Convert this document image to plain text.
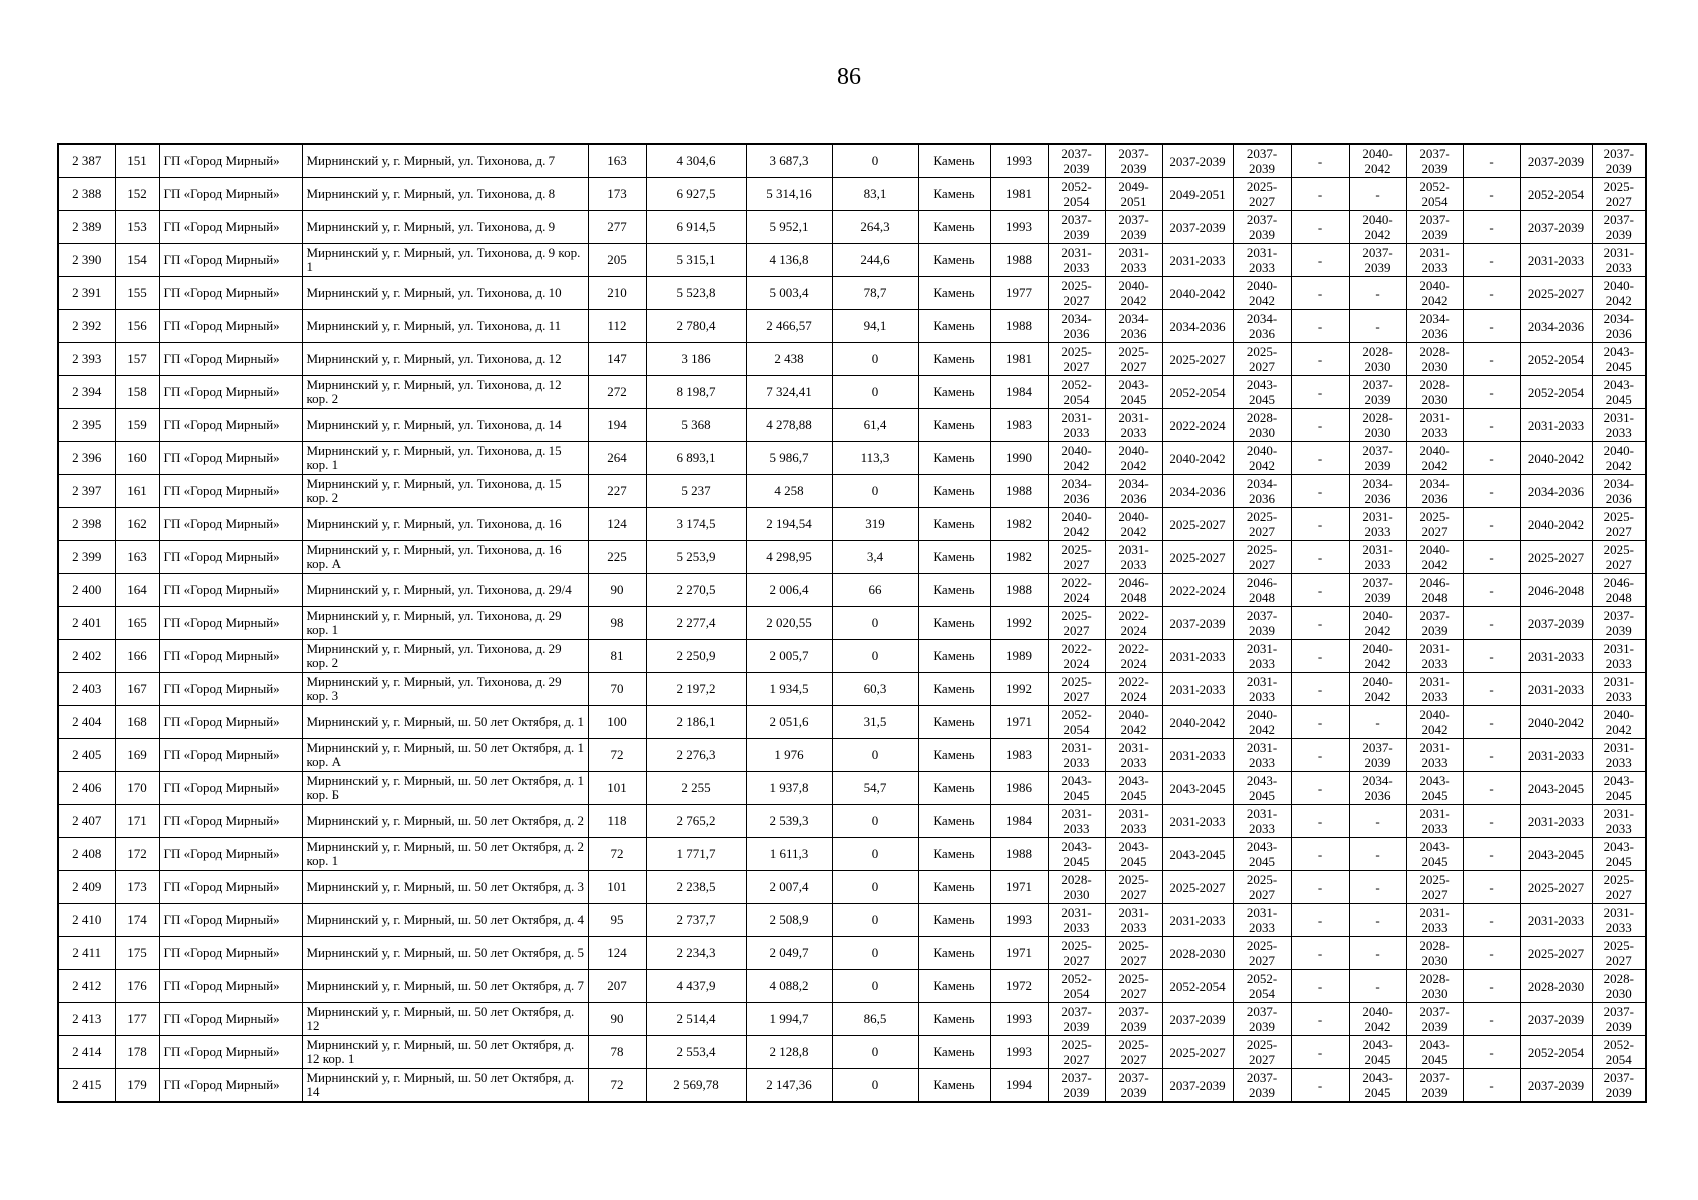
86
2 387	151	ГП «Город Мирный»	Мирнинский у, г. Мирный, ул. Тихонова, д. 7	163	4 304,6	3 687,3	0	Камень	1993	2037-2039	2037-2039	2037-2039	2037-2039	-	2040-2042	2037-2039	-	2037-2039	2037-2039
2 388	152	ГП «Город Мирный»	Мирнинский у, г. Мирный, ул. Тихонова, д. 8	173	6 927,5	5 314,16	83,1	Камень	1981	2052-2054	2049-2051	2049-2051	2025-2027	-	-	2052-2054	-	2052-2054	2025-2027
2 389	153	ГП «Город Мирный»	Мирнинский у, г. Мирный, ул. Тихонова, д. 9	277	6 914,5	5 952,1	264,3	Камень	1993	2037-2039	2037-2039	2037-2039	2037-2039	-	2040-2042	2037-2039	-	2037-2039	2037-2039
2 390	154	ГП «Город Мирный»	Мирнинский у, г. Мирный, ул. Тихонова, д. 9 кор. 1	205	5 315,1	4 136,8	244,6	Камень	1988	2031-2033	2031-2033	2031-2033	2031-2033	-	2037-2039	2031-2033	-	2031-2033	2031-2033
2 391	155	ГП «Город Мирный»	Мирнинский у, г. Мирный, ул. Тихонова, д. 10	210	5 523,8	5 003,4	78,7	Камень	1977	2025-2027	2040-2042	2040-2042	2040-2042	-	-	2040-2042	-	2025-2027	2040-2042
2 392	156	ГП «Город Мирный»	Мирнинский у, г. Мирный, ул. Тихонова, д. 11	112	2 780,4	2 466,57	94,1	Камень	1988	2034-2036	2034-2036	2034-2036	2034-2036	-	-	2034-2036	-	2034-2036	2034-2036
2 393	157	ГП «Город Мирный»	Мирнинский у, г. Мирный, ул. Тихонова, д. 12	147	3 186	2 438	0	Камень	1981	2025-2027	2025-2027	2025-2027	2025-2027	-	2028-2030	2028-2030	-	2052-2054	2043-2045
2 394	158	ГП «Город Мирный»	Мирнинский у, г. Мирный, ул. Тихонова, д. 12 кор. 2	272	8 198,7	7 324,41	0	Камень	1984	2052-2054	2043-2045	2052-2054	2043-2045	-	2037-2039	2028-2030	-	2052-2054	2043-2045
2 395	159	ГП «Город Мирный»	Мирнинский у, г. Мирный, ул. Тихонова, д. 14	194	5 368	4 278,88	61,4	Камень	1983	2031-2033	2031-2033	2022-2024	2028-2030	-	2028-2030	2031-2033	-	2031-2033	2031-2033
2 396	160	ГП «Город Мирный»	Мирнинский у, г. Мирный, ул. Тихонова, д. 15 кор. 1	264	6 893,1	5 986,7	113,3	Камень	1990	2040-2042	2040-2042	2040-2042	2040-2042	-	2037-2039	2040-2042	-	2040-2042	2040-2042
2 397	161	ГП «Город Мирный»	Мирнинский у, г. Мирный, ул. Тихонова, д. 15 кор. 2	227	5 237	4 258	0	Камень	1988	2034-2036	2034-2036	2034-2036	2034-2036	-	2034-2036	2034-2036	-	2034-2036	2034-2036
2 398	162	ГП «Город Мирный»	Мирнинский у, г. Мирный, ул. Тихонова, д. 16	124	3 174,5	2 194,54	319	Камень	1982	2040-2042	2040-2042	2025-2027	2025-2027	-	2031-2033	2025-2027	-	2040-2042	2025-2027
2 399	163	ГП «Город Мирный»	Мирнинский у, г. Мирный, ул. Тихонова, д. 16 кор. А	225	5 253,9	4 298,95	3,4	Камень	1982	2025-2027	2031-2033	2025-2027	2025-2027	-	2031-2033	2040-2042	-	2025-2027	2025-2027
2 400	164	ГП «Город Мирный»	Мирнинский у, г. Мирный, ул. Тихонова, д. 29/4	90	2 270,5	2 006,4	66	Камень	1988	2022-2024	2046-2048	2022-2024	2046-2048	-	2037-2039	2046-2048	-	2046-2048	2046-2048
2 401	165	ГП «Город Мирный»	Мирнинский у, г. Мирный, ул. Тихонова, д. 29 кор. 1	98	2 277,4	2 020,55	0	Камень	1992	2025-2027	2022-2024	2037-2039	2037-2039	-	2040-2042	2037-2039	-	2037-2039	2037-2039
2 402	166	ГП «Город Мирный»	Мирнинский у, г. Мирный, ул. Тихонова, д. 29 кор. 2	81	2 250,9	2 005,7	0	Камень	1989	2022-2024	2022-2024	2031-2033	2031-2033	-	2040-2042	2031-2033	-	2031-2033	2031-2033
2 403	167	ГП «Город Мирный»	Мирнинский у, г. Мирный, ул. Тихонова, д. 29 кор. 3	70	2 197,2	1 934,5	60,3	Камень	1992	2025-2027	2022-2024	2031-2033	2031-2033	-	2040-2042	2031-2033	-	2031-2033	2031-2033
2 404	168	ГП «Город Мирный»	Мирнинский у, г. Мирный, ш. 50 лет Октября, д. 1	100	2 186,1	2 051,6	31,5	Камень	1971	2052-2054	2040-2042	2040-2042	2040-2042	-	-	2040-2042	-	2040-2042	2040-2042
2 405	169	ГП «Город Мирный»	Мирнинский у, г. Мирный, ш. 50 лет Октября, д. 1 кор. А	72	2 276,3	1 976	0	Камень	1983	2031-2033	2031-2033	2031-2033	2031-2033	-	2037-2039	2031-2033	-	2031-2033	2031-2033
2 406	170	ГП «Город Мирный»	Мирнинский у, г. Мирный, ш. 50 лет Октября, д. 1 кор. Б	101	2 255	1 937,8	54,7	Камень	1986	2043-2045	2043-2045	2043-2045	2043-2045	-	2034-2036	2043-2045	-	2043-2045	2043-2045
2 407	171	ГП «Город Мирный»	Мирнинский у, г. Мирный, ш. 50 лет Октября, д. 2	118	2 765,2	2 539,3	0	Камень	1984	2031-2033	2031-2033	2031-2033	2031-2033	-	-	2031-2033	-	2031-2033	2031-2033
2 408	172	ГП «Город Мирный»	Мирнинский у, г. Мирный, ш. 50 лет Октября, д. 2 кор. 1	72	1 771,7	1 611,3	0	Камень	1988	2043-2045	2043-2045	2043-2045	2043-2045	-	-	2043-2045	-	2043-2045	2043-2045
2 409	173	ГП «Город Мирный»	Мирнинский у, г. Мирный, ш. 50 лет Октября, д. 3	101	2 238,5	2 007,4	0	Камень	1971	2028-2030	2025-2027	2025-2027	2025-2027	-	-	2025-2027	-	2025-2027	2025-2027
2 410	174	ГП «Город Мирный»	Мирнинский у, г. Мирный, ш. 50 лет Октября, д. 4	95	2 737,7	2 508,9	0	Камень	1993	2031-2033	2031-2033	2031-2033	2031-2033	-	-	2031-2033	-	2031-2033	2031-2033
2 411	175	ГП «Город Мирный»	Мирнинский у, г. Мирный, ш. 50 лет Октября, д. 5	124	2 234,3	2 049,7	0	Камень	1971	2025-2027	2025-2027	2028-2030	2025-2027	-	-	2028-2030	-	2025-2027	2025-2027
2 412	176	ГП «Город Мирный»	Мирнинский у, г. Мирный, ш. 50 лет Октября, д. 7	207	4 437,9	4 088,2	0	Камень	1972	2052-2054	2025-2027	2052-2054	2052-2054	-	-	2028-2030	-	2028-2030	2028-2030
2 413	177	ГП «Город Мирный»	Мирнинский у, г. Мирный, ш. 50 лет Октября, д. 12	90	2 514,4	1 994,7	86,5	Камень	1993	2037-2039	2037-2039	2037-2039	2037-2039	-	2040-2042	2037-2039	-	2037-2039	2037-2039
2 414	178	ГП «Город Мирный»	Мирнинский у, г. Мирный, ш. 50 лет Октября, д. 12 кор. 1	78	2 553,4	2 128,8	0	Камень	1993	2025-2027	2025-2027	2025-2027	2025-2027	-	2043-2045	2043-2045	-	2052-2054	2052-2054
2 415	179	ГП «Город Мирный»	Мирнинский у, г. Мирный, ш. 50 лет Октября, д. 14	72	2 569,78	2 147,36	0	Камень	1994	2037-2039	2037-2039	2037-2039	2037-2039	-	2043-2045	2037-2039	-	2037-2039	2037-2039
